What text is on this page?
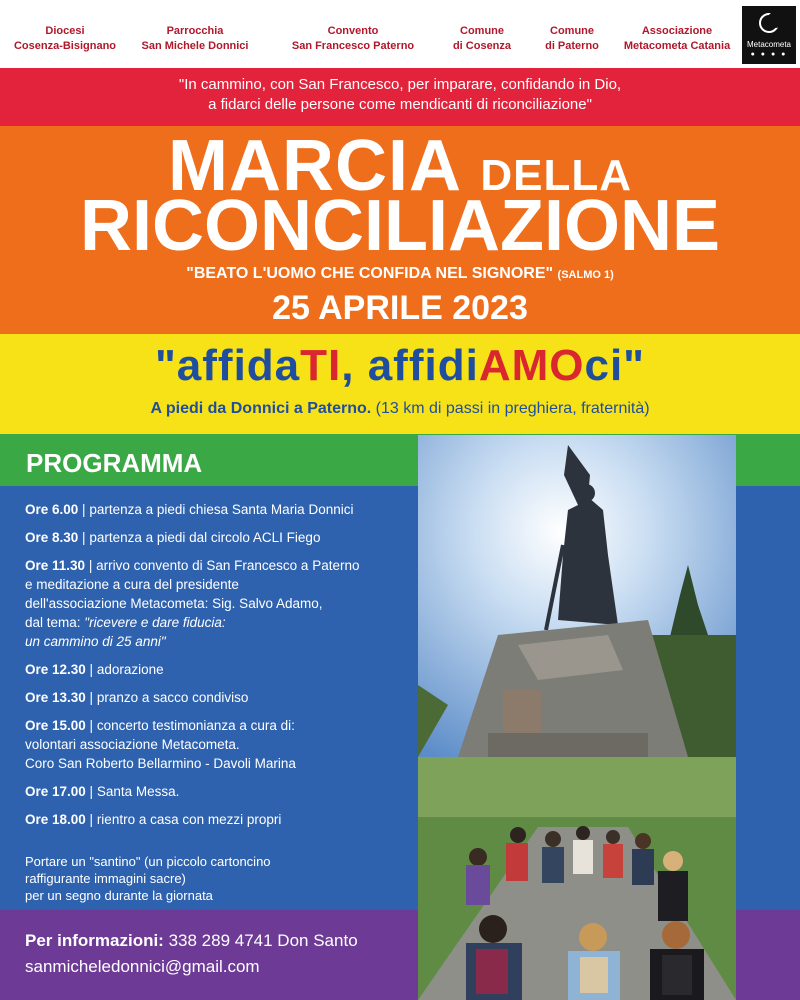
Diocesi
Cosenza-Bisignano
Parrocchia
San Michele Donnici
Convento
San Francesco Paterno
Comune
di Cosenza
Comune
di Paterno
Associazione
Metacometa Catania	Metacometa
● ● ● ●
"In cammino, con San Francesco, per imparare, confidando in Dio,
a fidarci delle persone come mendicanti di riconciliazione"
MARCIA DELLA
RICONCILIAZIONE
"BEATO L'UOMO CHE CONFIDA NEL SIGNORE" (SALMO 1)
25 APRILE 2023
"affidaTI, affidiAMOci"
A piedi da Donnici a Paterno. (13 km di passi in preghiera, fraternità)
PROGRAMMA
Ore 6.00 | partenza a piedi chiesa Santa Maria Donnici
Ore 8.30 | partenza a piedi dal circolo ACLI Fiego
Ore 11.30 | arrivo convento di San Francesco a Paterno
e meditazione a cura del presidente
dell'associazione Metacometa: Sig. Salvo Adamo,
dal tema: "ricevere e dare fiducia:
un cammino di 25 anni"
Ore 12.30 | adorazione
Ore 13.30 | pranzo a sacco condiviso
Ore 15.00 | concerto testimonianza a cura di:
volontari associazione Metacometa.
Coro San Roberto Bellarmino - Davoli Marina
Ore 17.00 | Santa Messa.
Ore 18.00 | rientro a casa con mezzi propri
Portare un "santino" (un piccolo cartoncino
raffigurante immagini sacre)
per un segno durante la giornata
Per informazioni: 338 289 4741 Don Santo
sanmicheledonnici@gmail.com
